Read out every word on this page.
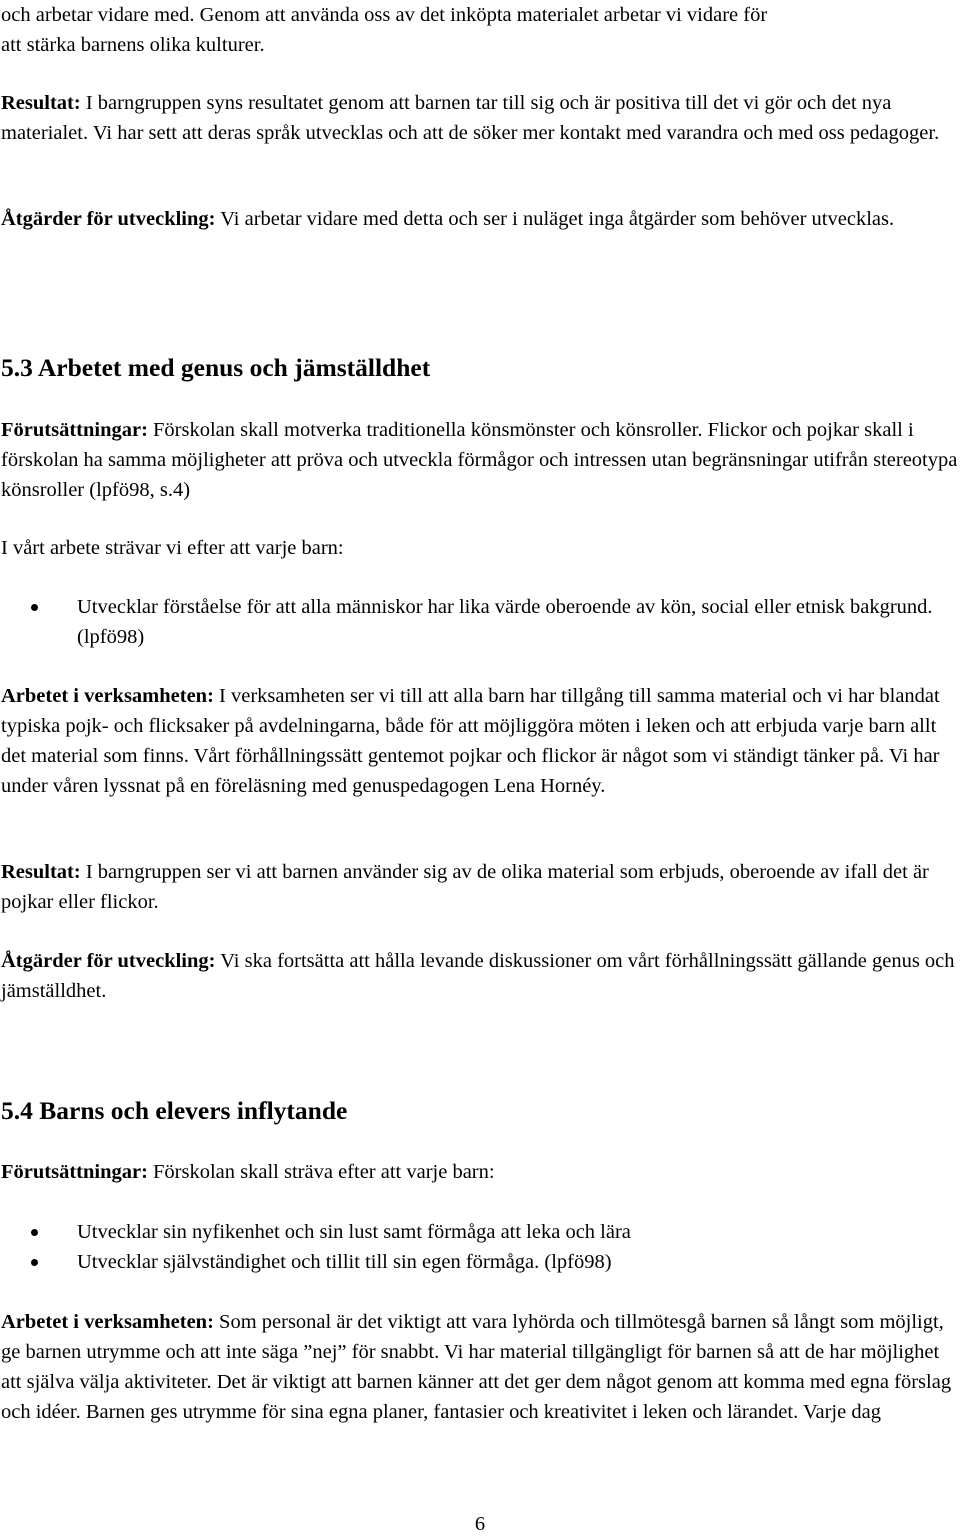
och arbetar vidare med. Genom att använda oss av det inköpta materialet arbetar vi vidare för
att stärka barnens olika kulturer.
Resultat: I barngruppen syns resultatet genom att barnen tar till sig och är positiva till det vi gör och det nya materialet. Vi har sett att deras språk utvecklas och att de söker mer kontakt med varandra och med oss pedagoger.
Åtgärder för utveckling: Vi arbetar vidare med detta och ser i nuläget inga åtgärder som behöver utvecklas.
5.3 Arbetet med genus och jämställdhet
Förutsättningar: Förskolan skall motverka traditionella könsmönster och könsroller. Flickor och pojkar skall i förskolan ha samma möjligheter att pröva och utveckla förmågor och intressen utan begränsningar utifrån stereotypa könsroller (lpfö98, s.4)
I vårt arbete strävar vi efter att varje barn:
Utvecklar förståelse för att alla människor har lika värde oberoende av kön, social eller etnisk bakgrund. (lpfö98)
Arbetet i verksamheten: I verksamheten ser vi till att alla barn har tillgång till samma material och vi har blandat typiska pojk- och flicksaker på avdelningarna, både för att möjliggöra möten i leken och att erbjuda varje barn allt det material som finns. Vårt förhållningssätt gentemot pojkar och flickor är något som vi ständigt tänker på. Vi har under våren lyssnat på en föreläsning med genuspedagogen Lena Hornéy.
Resultat: I barngruppen ser vi att barnen använder sig av de olika material som erbjuds, oberoende av ifall det är pojkar eller flickor.
Åtgärder för utveckling: Vi ska fortsätta att hålla levande diskussioner om vårt förhållningssätt gällande genus och jämställdhet.
5.4 Barns och elevers inflytande
Förutsättningar: Förskolan skall sträva efter att varje barn:
Utvecklar sin nyfikenhet och sin lust samt förmåga att leka och lära
Utvecklar självständighet och tillit till sin egen förmåga. (lpfö98)
Arbetet i verksamheten: Som personal är det viktigt att vara lyhörda och tillmötesgå barnen så långt som möjligt, ge barnen utrymme och att inte säga ”nej” för snabbt. Vi har material tillgängligt för barnen så att de har möjlighet att själva välja aktiviteter. Det är viktigt att barnen känner att det ger dem något genom att komma med egna förslag och idéer. Barnen ges utrymme för sina egna planer, fantasier och kreativitet i leken och lärandet. Varje dag
6
